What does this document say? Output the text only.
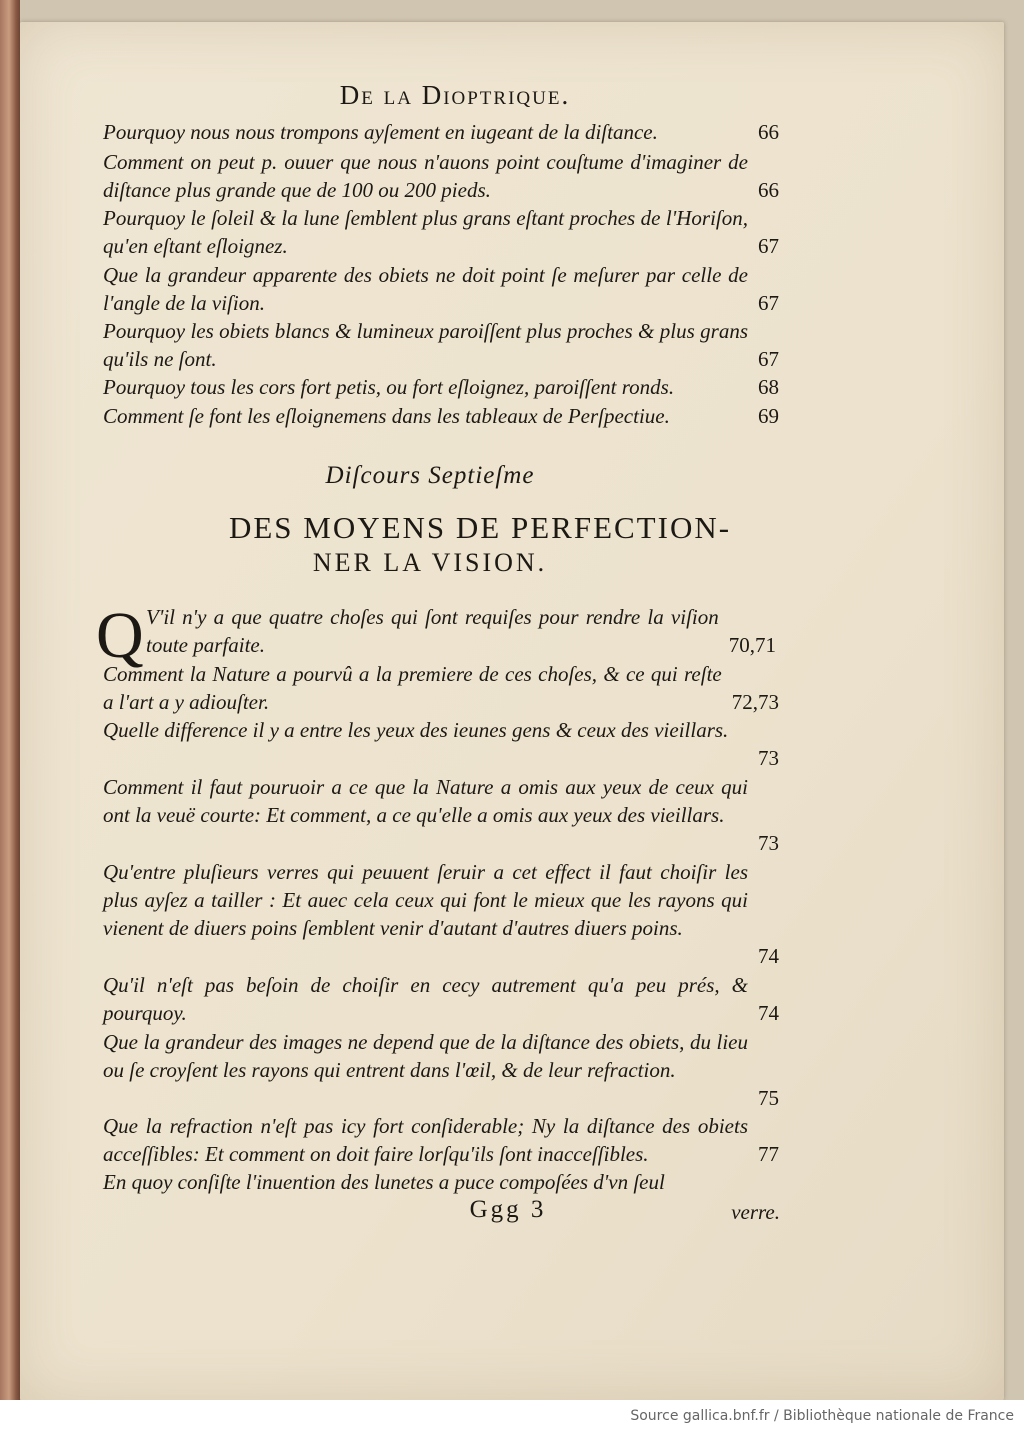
De la Dioptrique.
66
Pourquoy nous nous trompons ayſement en iugeant de la diſtance.
66
Comment on peut p. ouuer que nous n'auons point couſtume d'imaginer de diſtance plus grande que de 100 ou 200 pieds.
67
Pourquoy le ſoleil & la lune ſemblent plus grans eſtant proches de l'Horiſon, qu'en eſtant eſloignez.
67
Que la grandeur apparente des obiets ne doit point ſe meſurer par celle de l'angle de la viſion.
67
Pourquoy les obiets blancs & lumineux paroiſſent plus proches & plus grans qu'ils ne ſont.
68
Pourquoy tous les cors fort petis, ou fort eſloignez, paroiſſent ronds.
69
Comment ſe font les eſloignemens dans les tableaux de Perſpectiue.
Diſcours Septieſme
DES MOYENS DE PERFECTION-
NER LA VISION.
Q	70,71
V'il n'y a que quatre choſes qui ſont requiſes pour rendre la viſion toute parfaite.
72,73
Comment la Nature a pourvû a la premiere de ces choſes, & ce qui reſte a l'art a y adiouſter.
73
Quelle difference il y a entre les yeux des ieunes gens & ceux des vieillars.
73
Comment il faut pouruoir a ce que la Nature a omis aux yeux de ceux qui ont la veuë courte: Et comment, a ce qu'elle a omis aux yeux des vieillars.
74
Qu'entre pluſieurs verres qui peuuent ſeruir a cet effect il faut choiſir les plus ayſez a tailler : Et auec cela ceux qui font le mieux que les rayons qui vienent de diuers poins ſemblent venir d'autant d'autres diuers poins.
74
Qu'il n'eſt pas beſoin de choiſir en cecy autrement qu'a peu prés, & pourquoy.
75
Que la grandeur des images ne depend que de la diſtance des obiets, du lieu ou ſe croyſent les rayons qui entrent dans l'œil, & de leur refraction.
77
Que la refraction n'eſt pas icy fort conſiderable; Ny la diſtance des obiets acceſſibles: Et comment on doit faire lorſqu'ils ſont inacceſſibles.
En quoy conſiſte l'inuention des lunetes a puce compoſées d'vn ſeul
Ggg 3	verre.
Source gallica.bnf.fr / Bibliothèque nationale de France
